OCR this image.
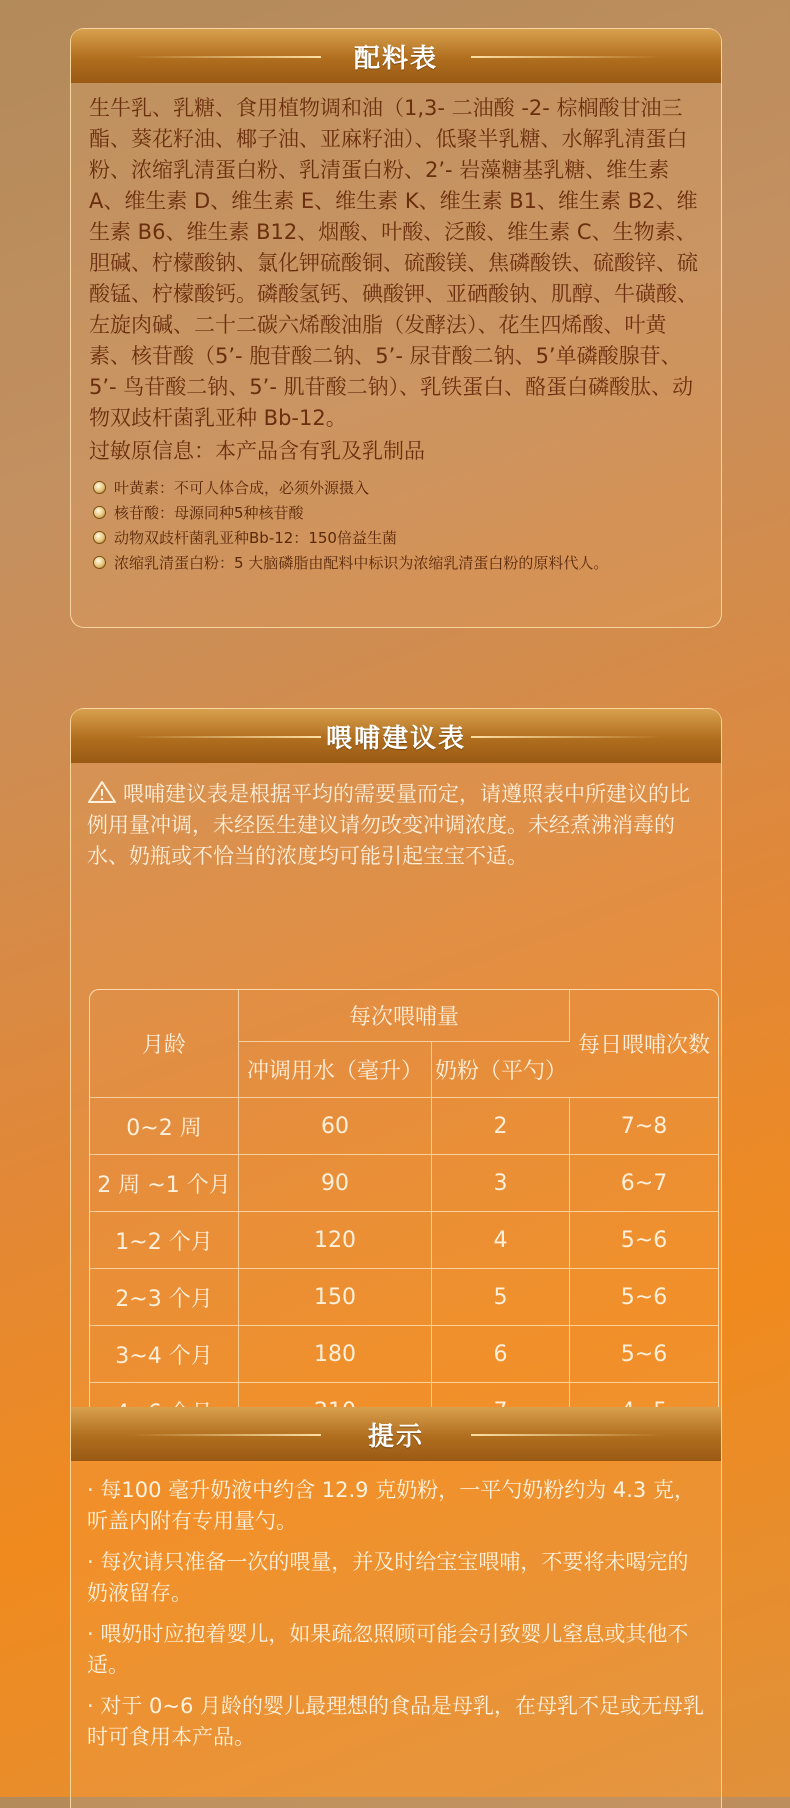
配料表
生牛乳、乳糖、食用植物调和油（1,3- 二油酸 -2- 棕榈酸甘油三酯、葵花籽油、椰子油、亚麻籽油）、低聚半乳糖、水解乳清蛋白粉、浓缩乳清蛋白粉、乳清蛋白粉、2’- 岩藻糖基乳糖、维生素 A、维生素 D、维生素 E、维生素 K、维生素 B1、维生素 B2、维生素 B6、维生素 B12、烟酸、叶酸、泛酸、维生素 C、生物素、胆碱、柠檬酸钠、氯化钾硫酸铜、硫酸镁、焦磷酸铁、硫酸锌、硫酸锰、柠檬酸钙。磷酸氢钙、碘酸钾、亚硒酸钠、肌醇、牛磺酸、左旋肉碱、二十二碳六烯酸油脂（发酵法）、花生四烯酸、叶黄素、核苷酸（5’- 胞苷酸二钠、5’- 尿苷酸二钠、5’单磷酸腺苷、5’- 鸟苷酸二钠、5’- 肌苷酸二钠）、乳铁蛋白、酪蛋白磷酸肽、动物双歧杆菌乳亚种 Bb-12。
过敏原信息：本产品含有乳及乳制品
叶黄素：不可人体合成，必须外源摄入
核苷酸：母源同种5种核苷酸
动物双歧杆菌乳亚种Bb-12：150倍益生菌
浓缩乳清蛋白粉：5 大脑磷脂由配料中标识为浓缩乳清蛋白粉的原料代人。
喂哺建议表
喂哺建议表是根据平均的需要量而定，请遵照表中所建议的比例用量冲调，未经医生建议请勿改变冲调浓度。未经煮沸消毒的水、奶瓶或不恰当的浓度均可能引起宝宝不适。
月龄	每次喂哺量		每日喂哺次数
	冲调用水（毫升）	奶粉（平勺）	
0~2 周	60	2	7~8
2 周 ~1 个月	90	3	6~7
1~2 个月	120	4	5~6
2~3 个月	150	5	5~6
3~4 个月	180	6	5~6

提示

· 每100 毫升奶液中约含 12.9 克奶粉，一平勺奶粉约为 4.3 克，听盖内附有专用量勺。

· 每次请只准备一次的喂量，并及时给宝宝喂哺，不要将未喝完的奶液留存。

· 喂奶时应抱着婴儿，如果疏忽照顾可能会引致婴儿窒息或其他不适。

· 对于 0~6 月龄的婴儿最理想的食品是母乳，在母乳不足或无母乳时可食用本产品。
